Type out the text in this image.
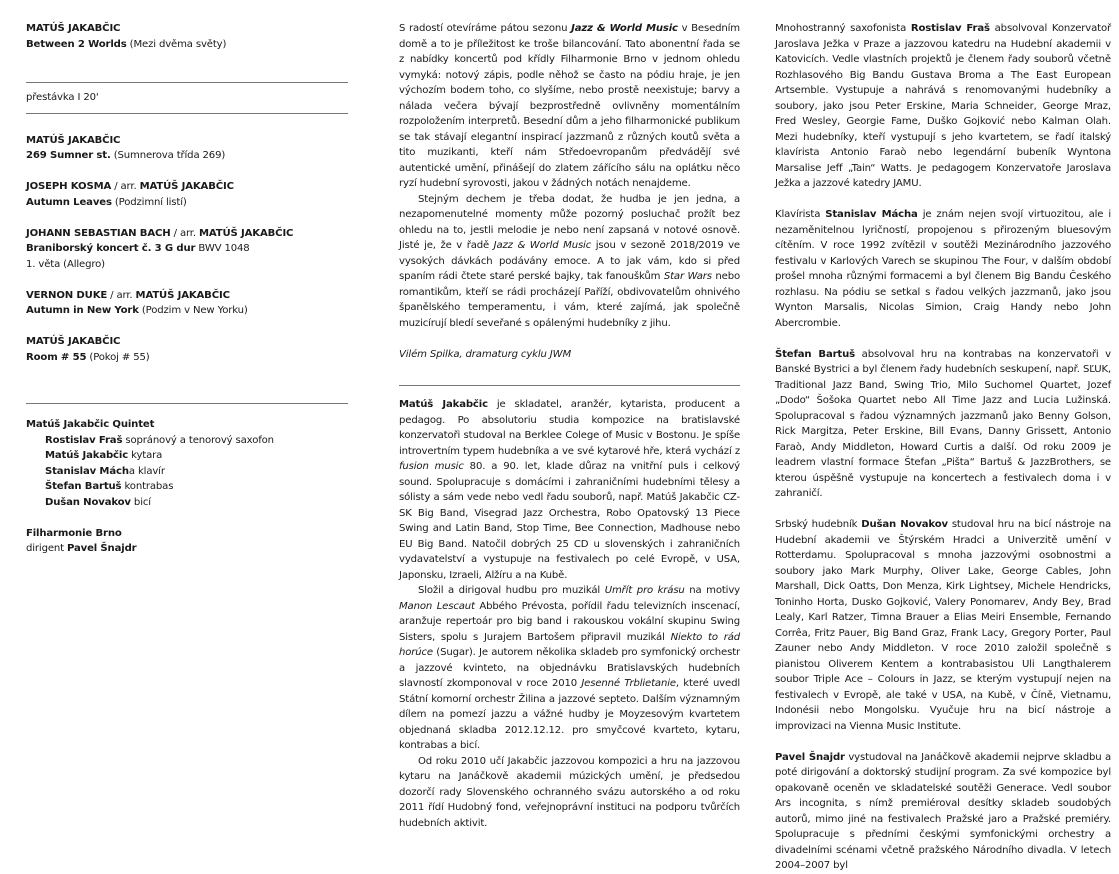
MATÚŠ JAKABČIC
Between 2 Worlds (Mezi dvěma světy)
přestávka I 20'
MATÚŠ JAKABČIC
269 Sumner st. (Sumnerova třída 269)
JOSEPH KOSMA / arr. MATÚŠ JAKABČIC
Autumn Leaves (Podzimní listí)
JOHANN SEBASTIAN BACH / arr. MATÚŠ JAKABČIC
Braniborský koncert č. 3 G dur BWV 1048
1. věta (Allegro)
VERNON DUKE / arr. MATÚŠ JAKABČIC
Autumn in New York (Podzim v New Yorku)
MATÚŠ JAKABČIC
Room # 55 (Pokoj # 55)
Matúš Jakabčic Quintet
Rostislav Fraš sopránový a tenorový saxofon
Matúš Jakabčic kytara
Stanislav Mácha klavír
Štefan Bartuš kontrabas
Dušan Novakov bicí
Filharmonie Brno
dirigent Pavel Šnajdr

S radostí otevíráme pátou sezonu Jazz & World Music v Besedním domě a to je příležitost ke troše bilancování. Tato abonentní řada se z nabídky koncertů pod křídly Filharmonie Brno v jednom ohledu vymyká: notový zápis, podle něhož se často na pódiu hraje, je jen výchozím bodem toho, co slyšíme, nebo prostě neexistuje; barvy a nálada večera bývají bezprostředně ovlivněny momentálním rozpoložením interpretů. Besední dům a jeho filharmonické publikum se tak stávají elegantní inspirací jazzmanů z různých koutů světa a tito muzikanti, kteří nám Středoevropanům předvádějí své autentické umění, přinášejí do zlatem zářícího sálu na oplátku něco ryzí hudební syrovosti, jakou v žádných notách nenajdeme.

Stejným dechem je třeba dodat, že hudba je jen jedna, a nezapomenutelné momenty může pozorný posluchač prožít bez ohledu na to, jestli melodie je nebo není zapsaná v notové osnově. Jisté je, že v řadě Jazz & World Music jsou v sezoně 2018/2019 ve vysokých dávkách podávány emoce. A to jak vám, kdo si před spaním rádi čtete staré perské bajky, tak fanouškům Star Wars nebo romantikům, kteří se rádi procházejí Paříží, obdivovatelům ohnivého španělského temperamentu, i vám, které zajímá, jak společně muzicírují bledí seveřané s opálenými hudebníky z jihu.

Vilém Spilka, dramaturg cyklu JWM

Matúš Jakabčic je skladatel, aranžér, kytarista, producent a pedagog. Po absolutoriu studia kompozice na bratislavské konzervatoři studoval na Berklee Colege of Music v Bostonu. Je spíše introvertním typem hudebníka a ve své kytarové hře, která vychází z fusion music 80. a 90. let, klade důraz na vnitřní puls i celkový sound. Spolupracuje s domácími i zahraničními hudebními tělesy a sólisty a sám vede nebo vedl řadu souborů, např. Matúš Jakabčic CZ-SK Big Band, Visegrad Jazz Orchestra, Robo Opatovský 13 Piece Swing and Latin Band, Stop Time, Bee Connection, Madhouse nebo EU Big Band. Natočil dobrých 25 CD u slovenských i zahraničních vydavatelství a vystupuje na festivalech po celé Evropě, v USA, Japonsku, Izraeli, Alžíru a na Kubě.

Složil a dirigoval hudbu pro muzikál Umřít pro krásu na motivy Manon Lescaut Abbého Prévosta, pořídil řadu televizních inscenací, aranžuje repertoár pro big band i rakouskou vokální skupinu Swing Sisters, spolu s Jurajem Bartošem připravil muzikál Niekto to rád horúce (Sugar). Je autorem několika skladeb pro symfonický orchestr a jazzové kvinteto, na objednávku Bratislavských hudebních slavností zkomponoval v roce 2010 Jesenné Trblietanie, které uvedl Státní komorní orchestr Žilina a jazzové septeto. Dalším významným dílem na pomezí jazzu a vážné hudby je Moyzesovým kvartetem objednaná skladba 2012.12.12. pro smyčcové kvarteto, kytaru, kontrabas a bicí.

Od roku 2010 učí Jakabčic jazzovou kompozici a hru na jazzovou kytaru na Janáčkově akademii múzických umění, je předsedou dozorčí rady Slovenského ochranného svázu autorského a od roku 2011 řídí Hudobný fond, veřejnoprávní instituci na podporu tvůrčích hudebních aktivit.

Mnohostranný saxofonista Rostislav Fraš absolvoval Konzervatoř Jaroslava Ježka v Praze a jazzovou katedru na Hudební akademii v Katovicích. Vedle vlastních projektů je členem řady souborů včetně Rozhlasového Big Bandu Gustava Broma a The East European Artsemble. Vystupuje a nahrává s renomovanými hudebníky a soubory, jako jsou Peter Erskine, Maria Schneider, George Mraz, Fred Wesley, Georgie Fame, Duško Gojković nebo Kalman Olah. Mezi hudebníky, kteří vystupují s jeho kvartetem, se řadí italský klavírista Antonio Faraò nebo legendární bubeník Wyntona Marsalise Jeff „Tain“ Watts. Je pedagogem Konzervatoře Jaroslava Ježka a jazzové katedry JAMU.

Klavírista Stanislav Mácha je znám nejen svojí virtuozitou, ale i nezaměnitelnou lyričností, propojenou s přirozeným bluesovým cítěním. V roce 1992 zvítězil v soutěži Mezinárodního jazzového festivalu v Karlových Varech se skupinou The Four, v dalším období prošel mnoha různými formacemi a byl členem Big Bandu Českého rozhlasu. Na pódiu se setkal s řadou velkých jazzmanů, jako jsou Wynton Marsalis, Nicolas Simion, Craig Handy nebo John Abercrombie.

Štefan Bartuš absolvoval hru na kontrabas na konzervatoři v Banské Bystrici a byl členem řady hudebních seskupení, např. SĽUK, Traditional Jazz Band, Swing Trio, Milo Suchomel Quartet, Jozef „Dodo“ Šošoka Quartet nebo All Time Jazz and Lucia Lužinská. Spolupracoval s řadou významných jazzmanů jako Benny Golson, Rick Margitza, Peter Erskine, Bill Evans, Danny Grissett, Antonio Faraò, Andy Middleton, Howard Curtis a další. Od roku 2009 je leadrem vlastní formace Štefan „Pišta“ Bartuš & JazzBrothers, se kterou úspěšně vystupuje na koncertech a festivalech doma i v zahraničí.

Srbský hudebník Dušan Novakov studoval hru na bicí nástroje na Hudební akademii ve Štýrském Hradci a Univerzitě umění v Rotterdamu. Spolupracoval s mnoha jazzovými osobnostmi a soubory jako Mark Murphy, Oliver Lake, George Cables, John Marshall, Dick Oatts, Don Menza, Kirk Lightsey, Michele Hendricks, Toninho Horta, Dusko Gojković, Valery Ponomarev, Andy Bey, Brad Lealy, Karl Ratzer, Timna Brauer a Elias Meiri Ensemble, Fernando Corrêa, Fritz Pauer, Big Band Graz, Frank Lacy, Gregory Porter, Paul Zauner nebo Andy Middleton. V roce 2010 založil společně s pianistou Oliverem Kentem a kontrabasistou Uli Langthalerem soubor Triple Ace – Colours in Jazz, se kterým vystupují nejen na festivalech v Evropě, ale také v USA, na Kubě, v Číně, Vietnamu, Indonésii nebo Mongolsku. Vyučuje hru na bicí nástroje a improvizaci na Vienna Music Institute.

Pavel Šnajdr vystudoval na Janáčkově akademii nejprve skladbu a poté dirigování a doktorský studijní program. Za své kompozice byl opakovaně oceněn ve skladatelské soutěži Generace. Vedl soubor Ars incognita, s nímž premiéroval desítky skladeb soudobých autorů, mimo jiné na festivalech Pražské jaro a Pražské premiéry. Spolupracuje s předními českými symfonickými orchestry a divadelními scénami včetně pražského Národního divadla. V letech 2004–2007 byl
